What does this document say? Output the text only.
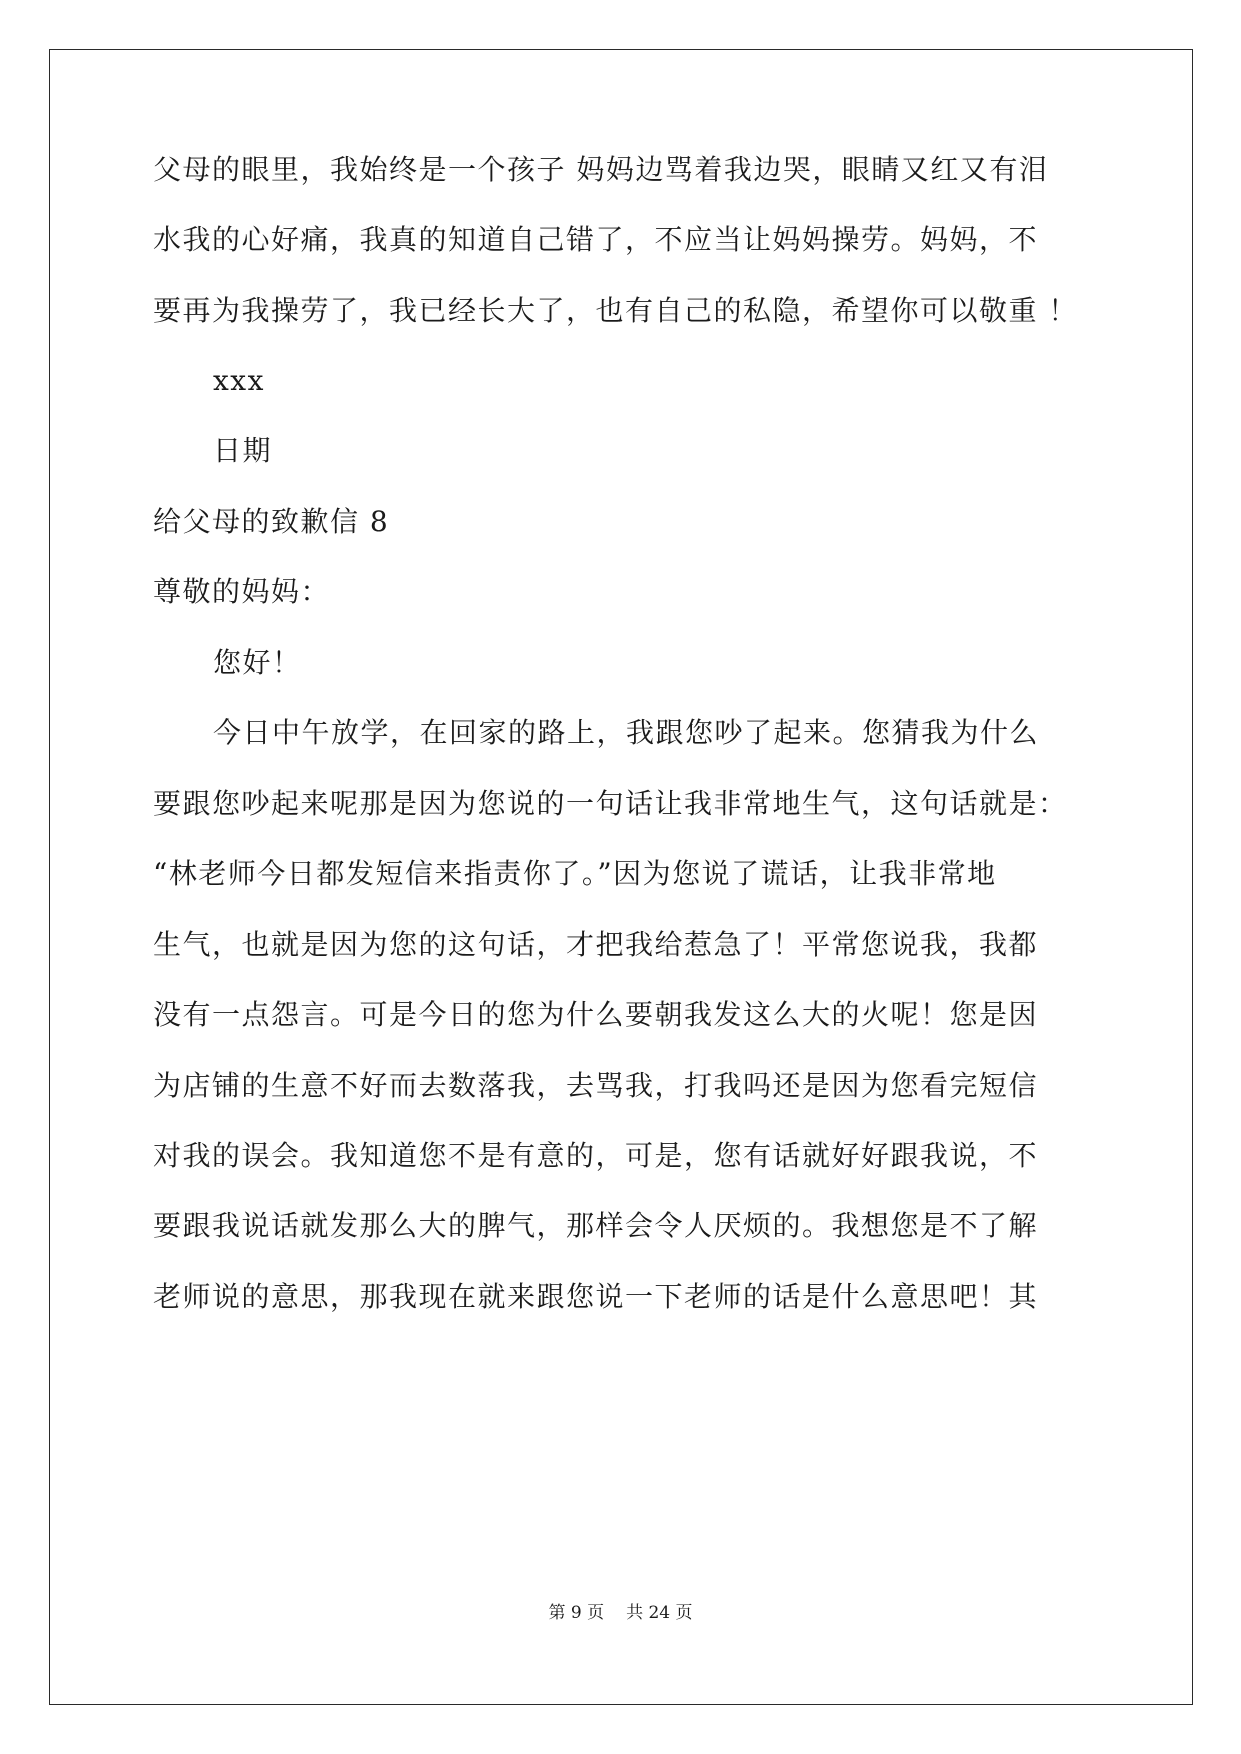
父母的眼里，我始终是一个孩子 妈妈边骂着我边哭，眼睛又红又有泪
水我的心好痛，我真的知道自己错了，不应当让妈妈操劳。妈妈，不
要再为我操劳了，我已经长大了，也有自己的私隐，希望你可以敬重 ！
xxx
日期
给父母的致歉信 8
尊敬的妈妈：
您好！
今日中午放学，在回家的路上，我跟您吵了起来。您猜我为什么
要跟您吵起来呢那是因为您说的一句话让我非常地生气，这句话就是：
“林老师今日都发短信来指责你了。”因为您说了谎话，让我非常地
生气，也就是因为您的这句话，才把我给惹急了！平常您说我，我都
没有一点怨言。可是今日的您为什么要朝我发这么大的火呢！您是因
为店铺的生意不好而去数落我，去骂我，打我吗还是因为您看完短信
对我的误会。我知道您不是有意的，可是，您有话就好好跟我说，不
要跟我说话就发那么大的脾气，那样会令人厌烦的。我想您是不了解
老师说的意思，那我现在就来跟您说一下老师的话是什么意思吧！其
第 9 页 共 24 页
